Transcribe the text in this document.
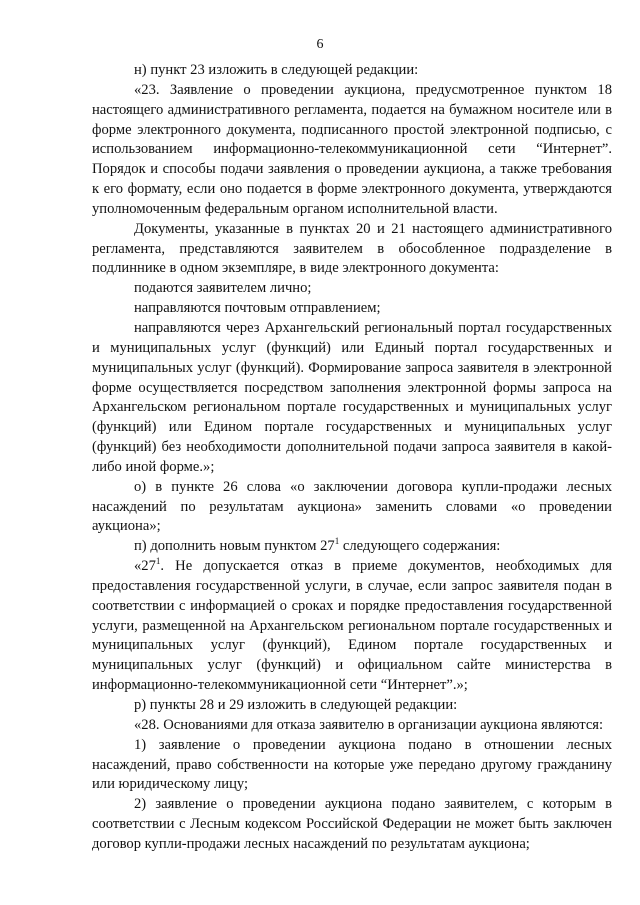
6

н) пункт 23 изложить в следующей редакции:

«23. Заявление о проведении аукциона, предусмотренное пунктом 18 настоящего административного регламента, подается на бумажном носителе или в форме электронного документа, подписанного простой электронной подписью, с использованием информационно-телекоммуникационной сети “Интернет”. Порядок и способы подачи заявления о проведении аукциона, а также требования к его формату, если оно подается в форме электронного документа, утверждаются уполномоченным федеральным органом исполнительной власти.

Документы, указанные в пунктах 20 и 21 настоящего административного регламента, представляются заявителем в обособленное подразделение в подлиннике в одном экземпляре, в виде электронного документа:

подаются заявителем лично;

направляются почтовым отправлением;

направляются через Архангельский региональный портал государственных и муниципальных услуг (функций) или Единый портал государственных и муниципальных услуг (функций). Формирование запроса заявителя в электронной форме осуществляется посредством заполнения электронной формы запроса на Архангельском региональном портале государственных и муниципальных услуг (функций) или Едином портале государственных и муниципальных услуг (функций) без необходимости дополнительной подачи запроса заявителя в какой-либо иной форме.»;

о) в пункте 26 слова «о заключении договора купли-продажи лесных насаждений по результатам аукциона» заменить словами «о проведении аукциона»;

п) дополнить новым пунктом $27^1$ следующего содержания:

«$27^1$. Не допускается отказ в приеме документов, необходимых для предоставления государственной услуги, в случае, если запрос заявителя подан в соответствии с информацией о сроках и порядке предоставления государственной услуги, размещенной на Архангельском региональном портале государственных и муниципальных услуг (функций), Едином портале государственных и муниципальных услуг (функций) и официальном сайте министерства в информационно-телекоммуникационной сети “Интернет”.»;

р) пункты 28 и 29 изложить в следующей редакции:

«28. Основаниями для отказа заявителю в организации аукциона являются:

1) заявление о проведении аукциона подано в отношении лесных насаждений, право собственности на которые уже передано другому гражданину или юридическому лицу;

2) заявление о проведении аукциона подано заявителем, с которым в соответствии с Лесным кодексом Российской Федерации не может быть заключен договор купли-продажи лесных насаждений по результатам аукциона;
